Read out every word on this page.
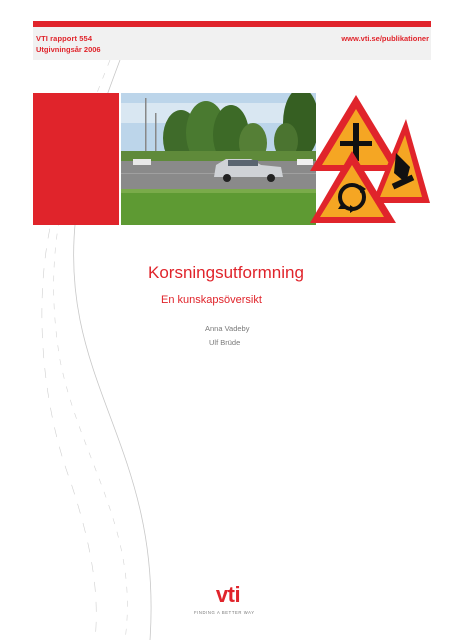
VTI rapport 554
Utgivningsår 2006
www.vti.se/publikationer
Korsningsutformning
En kunskapsöversikt
Anna Vadeby
Ulf Brüde
vti
FINDING A BETTER WAY
